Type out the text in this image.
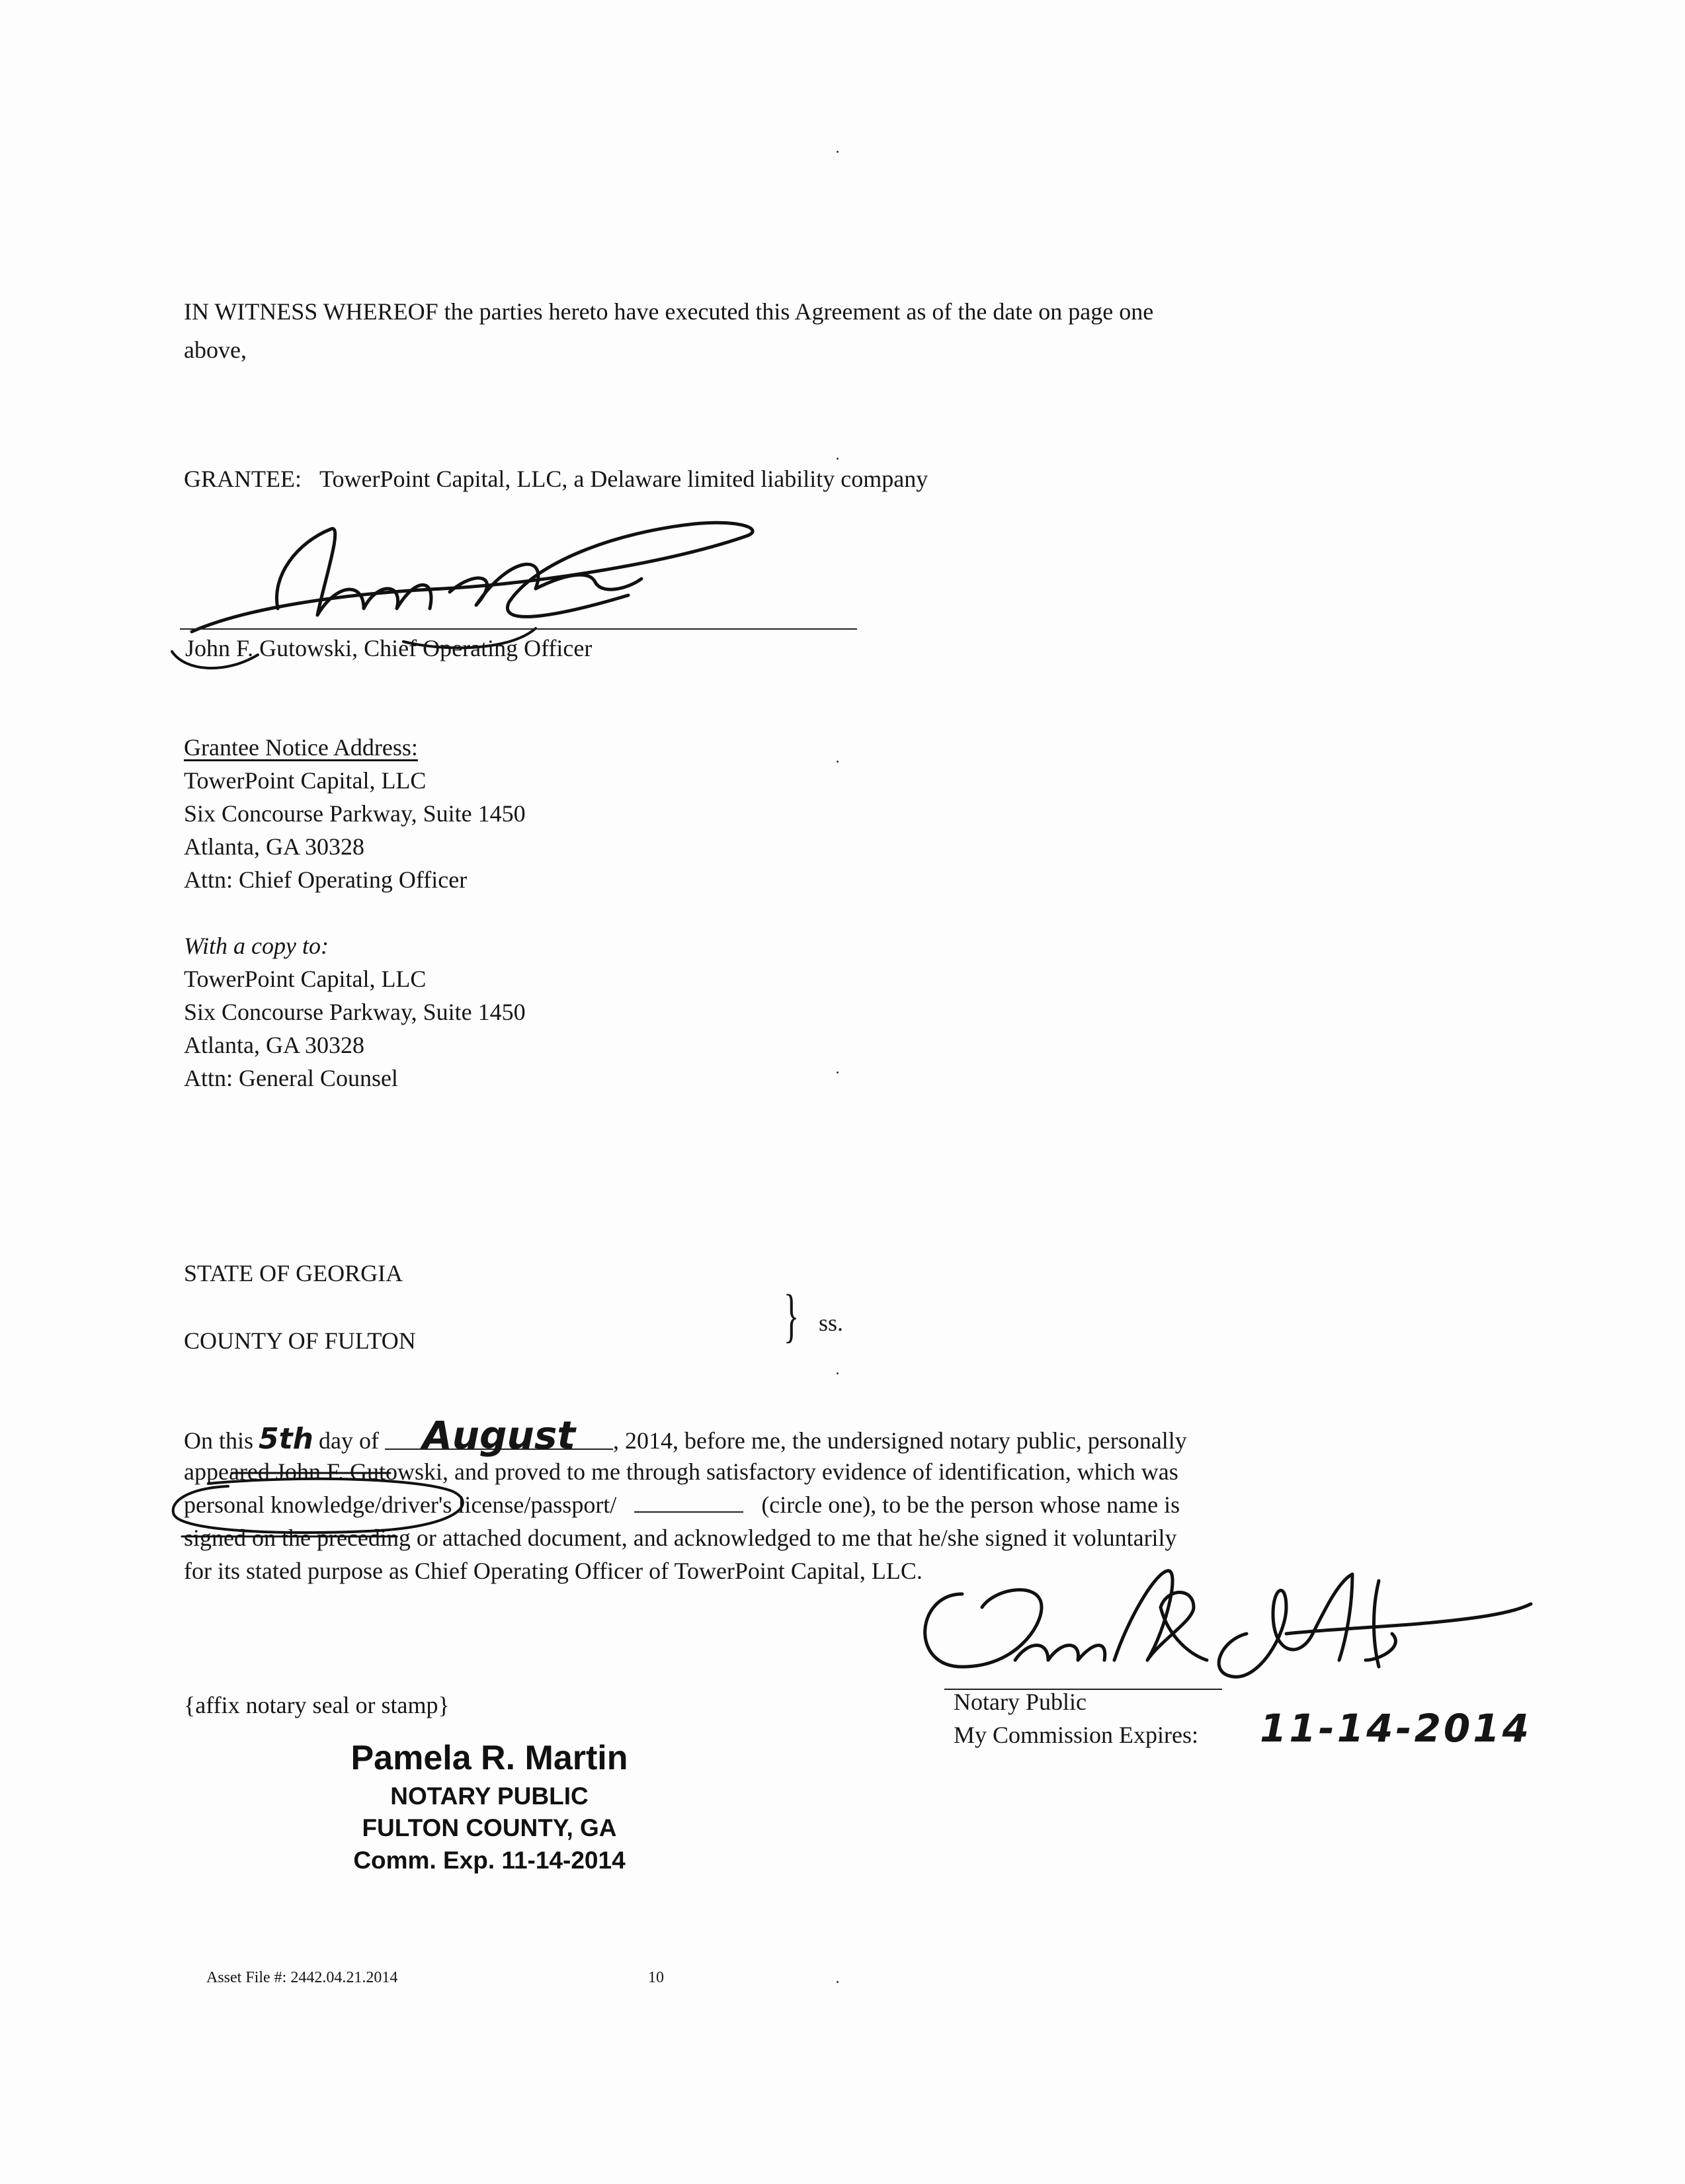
IN WITNESS WHEREOF the parties hereto have executed this Agreement as of the date on page one
above,
GRANTEE: TowerPoint Capital, LLC, a Delaware limited liability company
John F. Gutowski, Chief Operating Officer
Grantee Notice Address:
TowerPoint Capital, LLC
Six Concourse Parkway, Suite 1450
Atlanta, GA 30328
Attn: Chief Operating Officer
With a copy to:
TowerPoint Capital, LLC
Six Concourse Parkway, Suite 1450
Atlanta, GA 30328
Attn: General Counsel
STATE OF GEORGIA
COUNTY OF FULTON	} ss.
On this 5th day of August , 2014, before me, the undersigned notary public, personally
appeared John F. Gutowski, and proved to me through satisfactory evidence of identification, which was
personal knowledge/driver's license/passport/	(circle one), to be the person whose name is
signed on the preceding or attached document, and acknowledged to me that he/she signed it voluntarily
for its stated purpose as Chief Operating Officer of TowerPoint Capital, LLC.
Notary Public
My Commission Expires: 11-14-2014
{affix notary seal or stamp}
Pamela R. Martin
NOTARY PUBLIC
FULTON COUNTY, GA
Comm. Exp. 11-14-2014
Asset File #: 2442.04.21.2014	10
